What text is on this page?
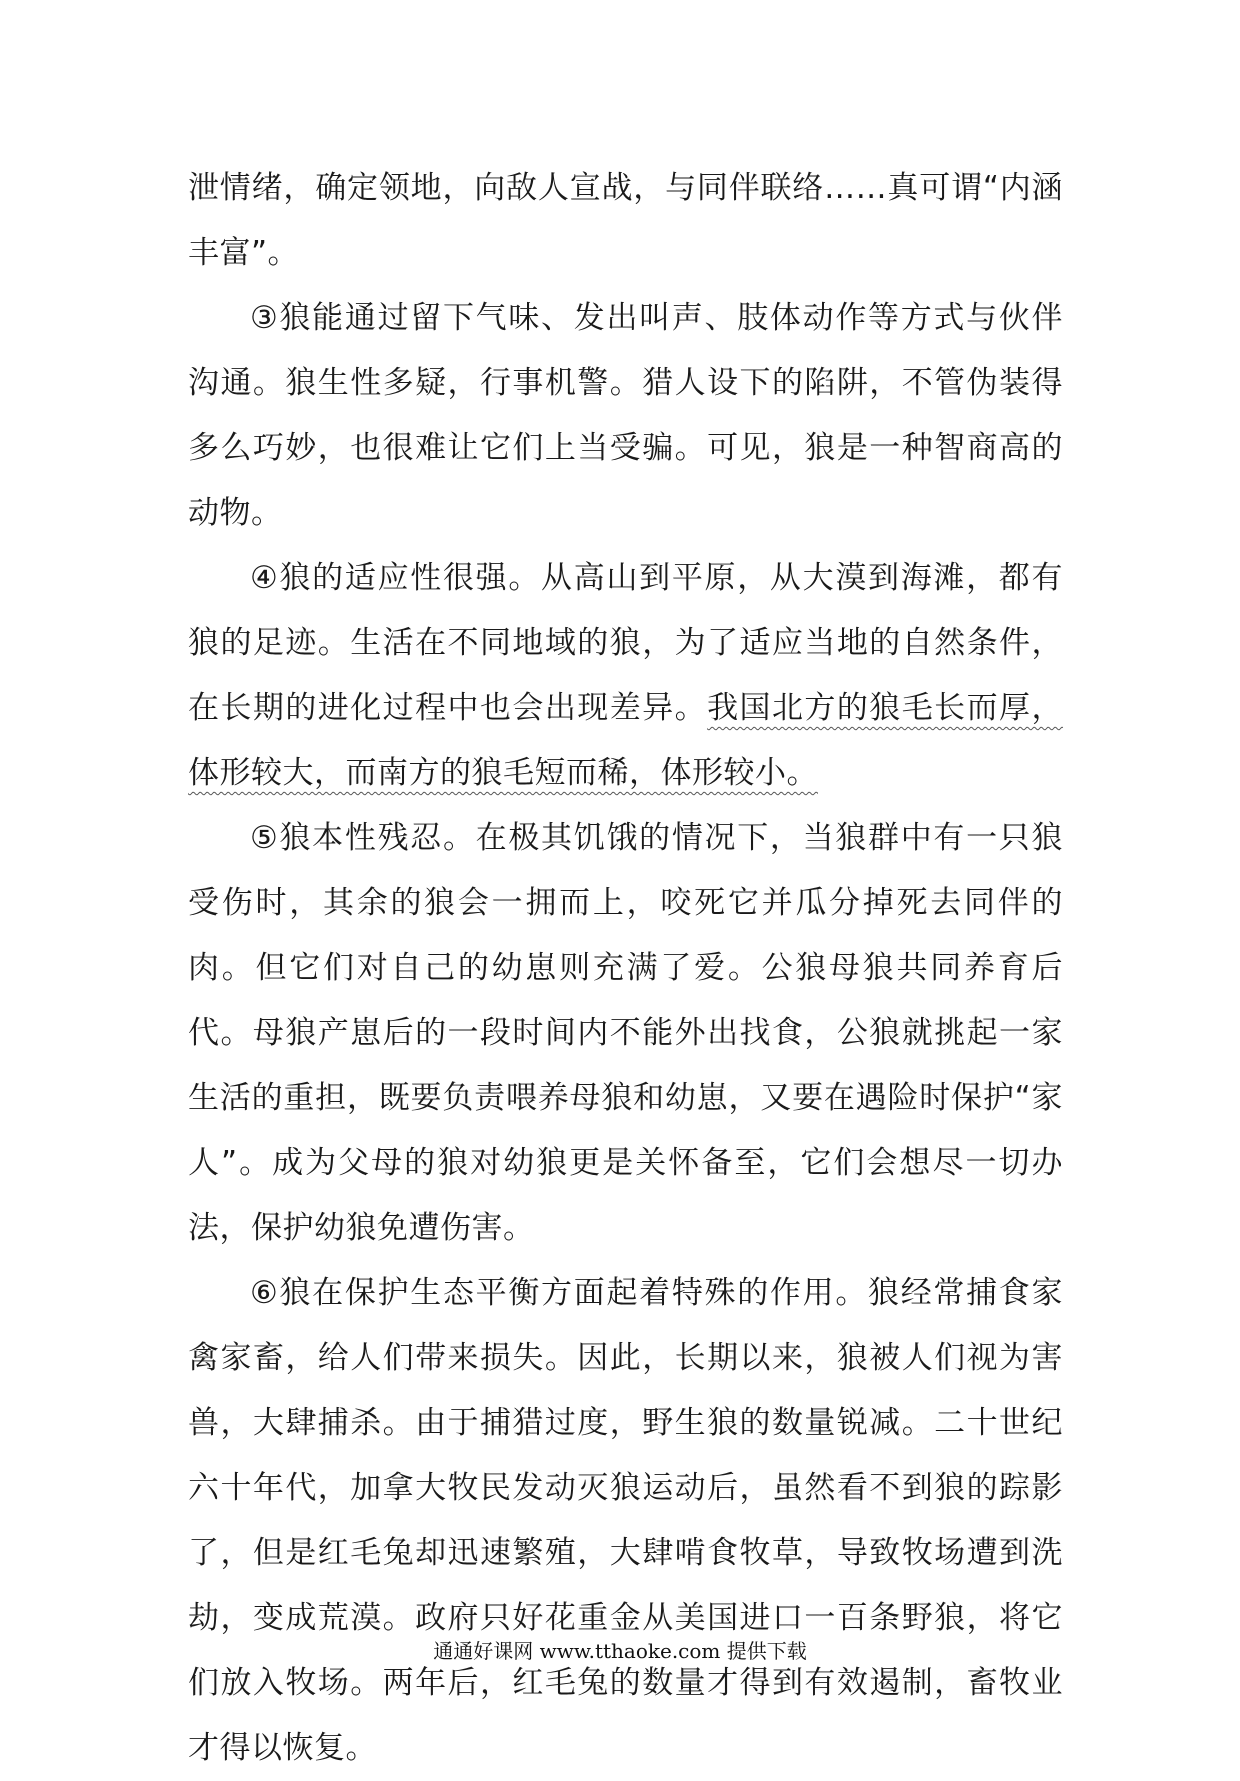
泄情绪，确定领地，向敌人宣战，与同伴联络……真可谓“内涵丰富”。

③狼能通过留下气味、发出叫声、肢体动作等方式与伙伴沟通。狼生性多疑，行事机警。猎人设下的陷阱，不管伪装得多么巧妙，也很难让它们上当受骗。可见，狼是一种智商高的动物。

④狼的适应性很强。从高山到平原，从大漠到海滩，都有狼的足迹。生活在不同地域的狼，为了适应当地的自然条件，在长期的进化过程中也会出现差异。我国北方的狼毛长而厚，体形较大，而南方的狼毛短而稀，体形较小。

⑤狼本性残忍。在极其饥饿的情况下，当狼群中有一只狼受伤时，其余的狼会一拥而上，咬死它并瓜分掉死去同伴的肉。但它们对自己的幼崽则充满了爱。公狼母狼共同养育后代。母狼产崽后的一段时间内不能外出找食，公狼就挑起一家生活的重担，既要负责喂养母狼和幼崽，又要在遇险时保护“家人”。成为父母的狼对幼狼更是关怀备至，它们会想尽一切办法，保护幼狼免遭伤害。

⑥狼在保护生态平衡方面起着特殊的作用。狼经常捕食家禽家畜，给人们带来损失。因此，长期以来，狼被人们视为害兽，大肆捕杀。由于捕猎过度，野生狼的数量锐减。二十世纪六十年代，加拿大牧民发动灭狼运动后，虽然看不到狼的踪影了，但是红毛兔却迅速繁殖，大肆啃食牧草，导致牧场遭到洗劫，变成荒漠。政府只好花重金从美国进口一百条野狼，将它们放入牧场。两年后，红毛兔的数量才得到有效遏制，畜牧业才得以恢复。

通通好课网 www.tthaoke.com 提供下载
